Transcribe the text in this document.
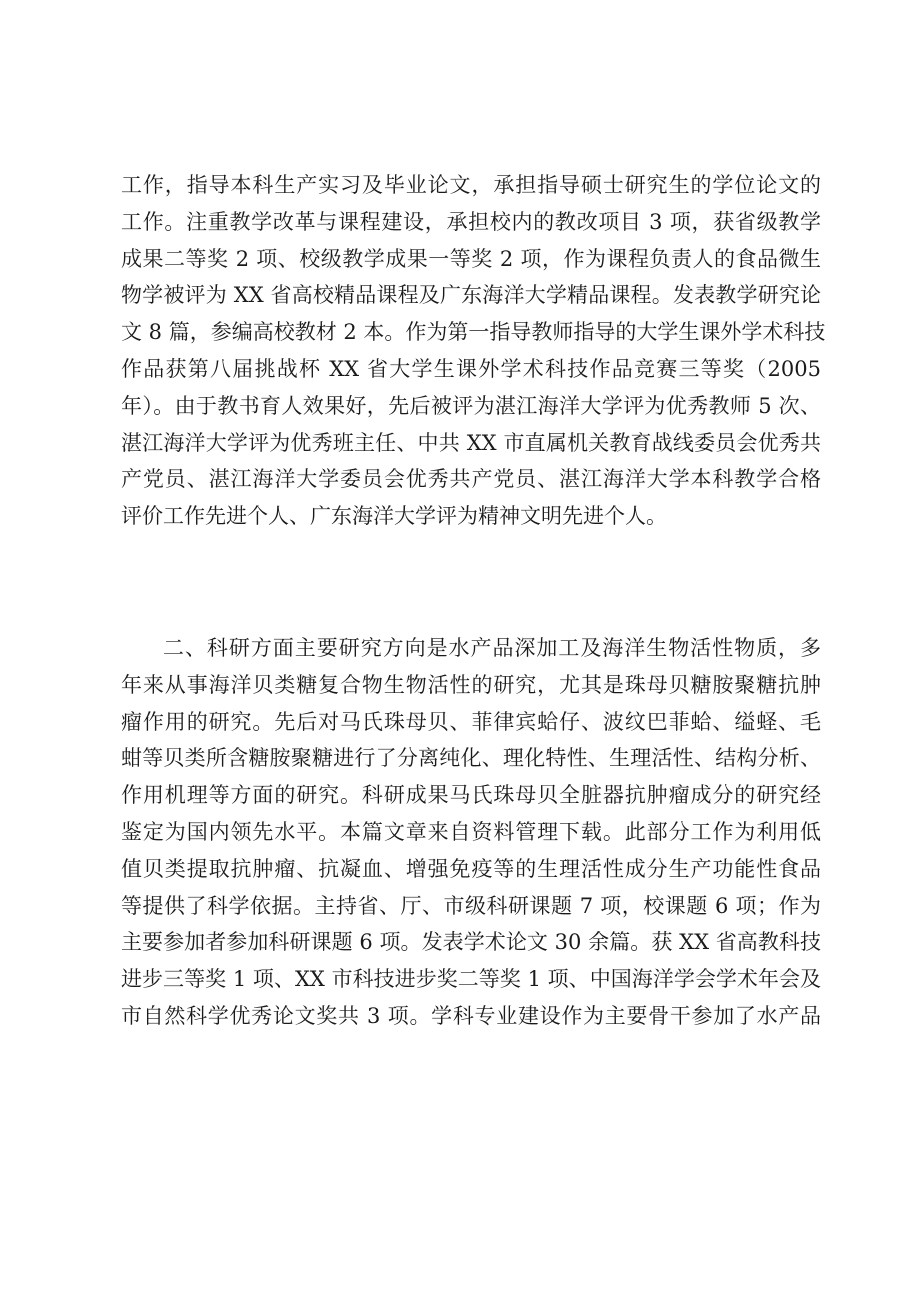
工作，指导本科生产实习及毕业论文，承担指导硕士研究生的学位论文的
工作。注重教学改革与课程建设，承担校内的教改项目 3 项，获省级教学
成果二等奖 2 项、校级教学成果一等奖 2 项，作为课程负责人的食品微生
物学被评为 XX 省高校精品课程及广东海洋大学精品课程。发表教学研究论
文 8 篇，参编高校教材 2 本。作为第一指导教师指导的大学生课外学术科技
作品获第八届挑战杯 XX 省大学生课外学术科技作品竞赛三等奖（2005
年）。由于教书育人效果好，先后被评为湛江海洋大学评为优秀教师 5 次、
湛江海洋大学评为优秀班主任、中共 XX 市直属机关教育战线委员会优秀共
产党员、湛江海洋大学委员会优秀共产党员、湛江海洋大学本科教学合格
评价工作先进个人、广东海洋大学评为精神文明先进个人。
二、科研方面主要研究方向是水产品深加工及海洋生物活性物质，多
年来从事海洋贝类糖复合物生物活性的研究，尤其是珠母贝糖胺聚糖抗肿
瘤作用的研究。先后对马氏珠母贝、菲律宾蛤仔、波纹巴菲蛤、缢蛏、毛
蚶等贝类所含糖胺聚糖进行了分离纯化、理化特性、生理活性、结构分析、
作用机理等方面的研究。科研成果马氏珠母贝全脏器抗肿瘤成分的研究经
鉴定为国内领先水平。本篇文章来自资料管理下载。此部分工作为利用低
值贝类提取抗肿瘤、抗凝血、增强免疫等的生理活性成分生产功能性食品
等提供了科学依据。主持省、厅、市级科研课题 7 项，校课题 6 项；作为
主要参加者参加科研课题 6 项。发表学术论文 30 余篇。获 XX 省高教科技
进步三等奖 1 项、XX 市科技进步奖二等奖 1 项、中国海洋学会学术年会及
市自然科学优秀论文奖共 3 项。学科专业建设作为主要骨干参加了水产品
